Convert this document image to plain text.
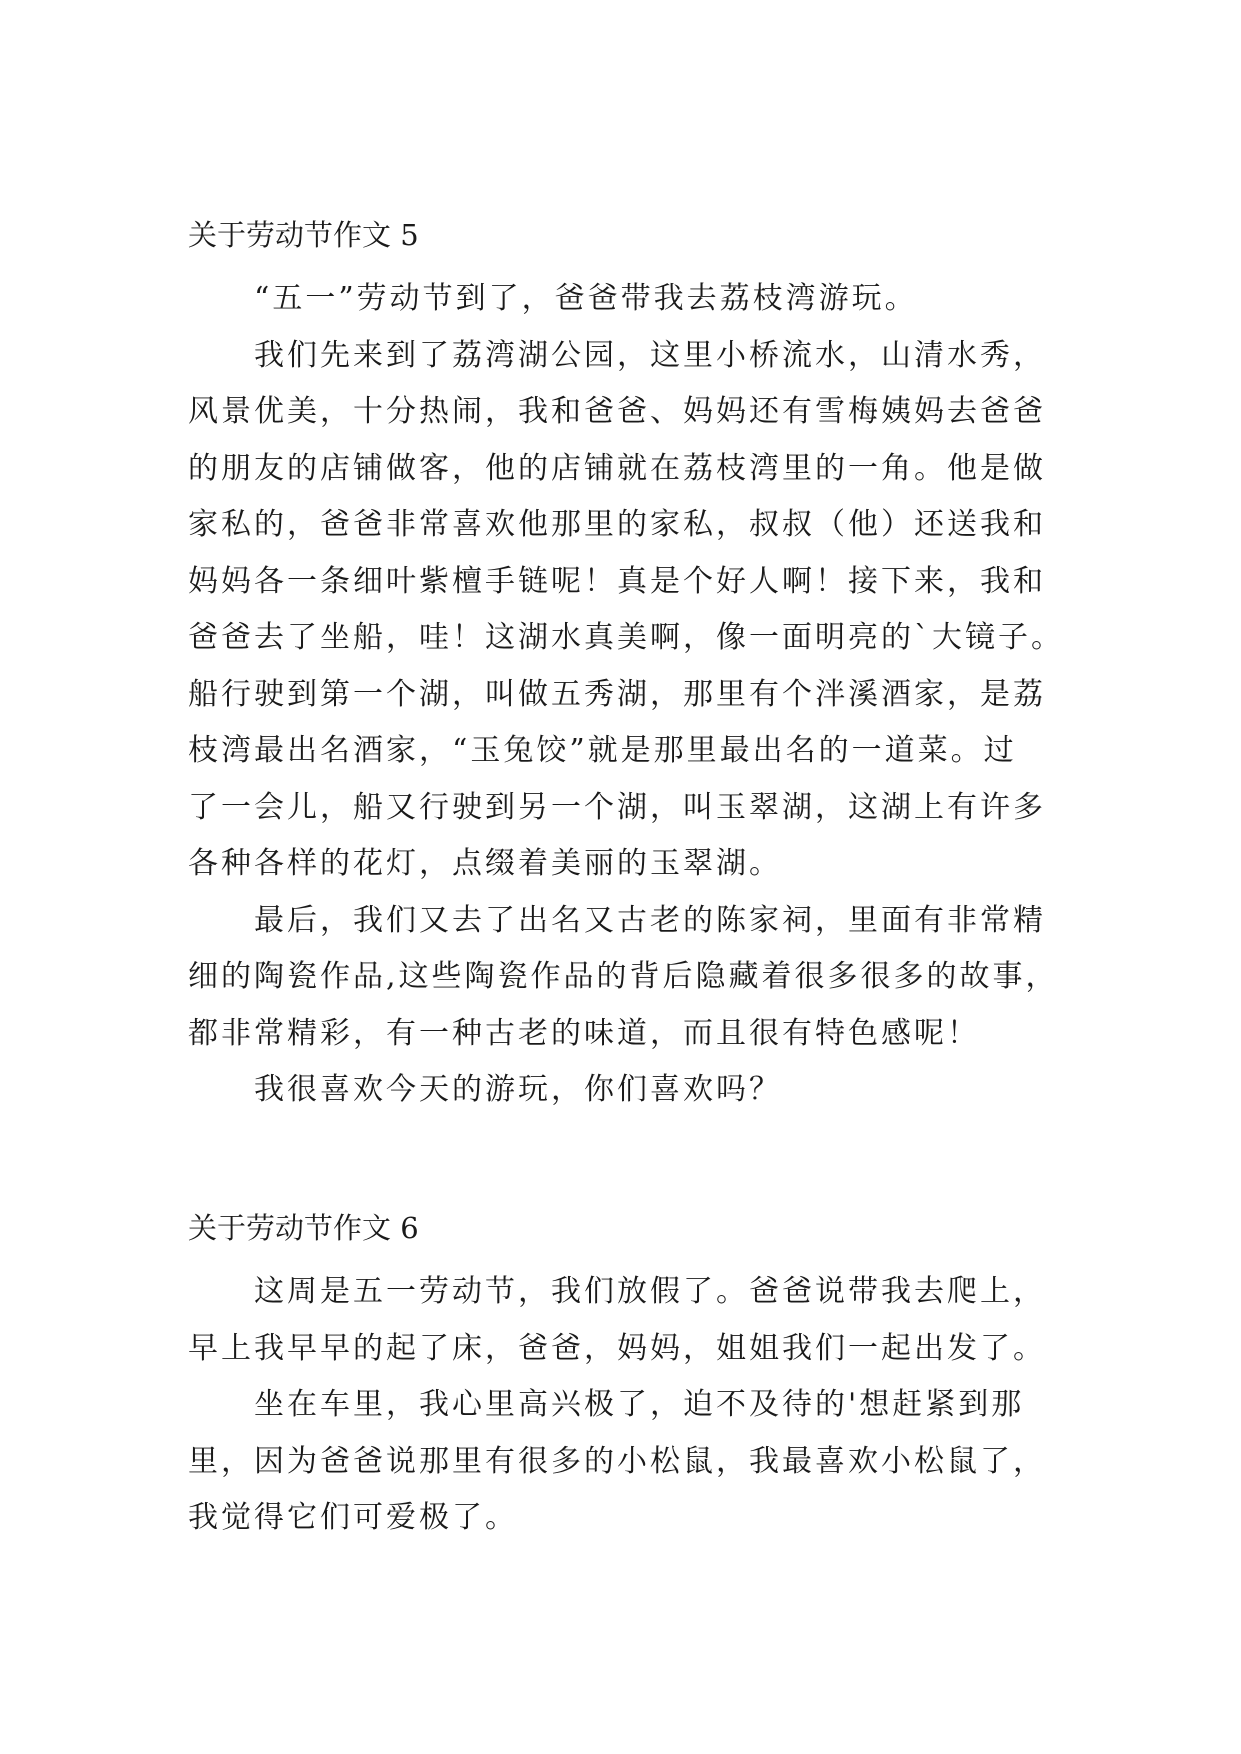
关于劳动节作文 5
“五一”劳动节到了，爸爸带我去荔枝湾游玩。
我们先来到了荔湾湖公园，这里小桥流水，山清水秀，
风景优美，十分热闹，我和爸爸、妈妈还有雪梅姨妈去爸爸
的朋友的店铺做客，他的店铺就在荔枝湾里的一角。他是做
家私的，爸爸非常喜欢他那里的家私，叔叔（他）还送我和
妈妈各一条细叶紫檀手链呢！真是个好人啊！接下来，我和
爸爸去了坐船，哇！这湖水真美啊，像一面明亮的`大镜子。
船行驶到第一个湖，叫做五秀湖，那里有个泮溪酒家，是荔
枝湾最出名酒家，“玉兔饺”就是那里最出名的一道菜。过
了一会儿，船又行驶到另一个湖，叫玉翠湖，这湖上有许多
各种各样的花灯，点缀着美丽的玉翠湖。
最后，我们又去了出名又古老的陈家祠，里面有非常精
细的陶瓷作品,这些陶瓷作品的背后隐藏着很多很多的故事，
都非常精彩，有一种古老的味道，而且很有特色感呢！
我很喜欢今天的游玩，你们喜欢吗？
关于劳动节作文 6
这周是五一劳动节，我们放假了。爸爸说带我去爬上，
早上我早早的起了床，爸爸，妈妈，姐姐我们一起出发了。
坐在车里，我心里高兴极了，迫不及待的'想赶紧到那
里，因为爸爸说那里有很多的小松鼠，我最喜欢小松鼠了，
我觉得它们可爱极了。
